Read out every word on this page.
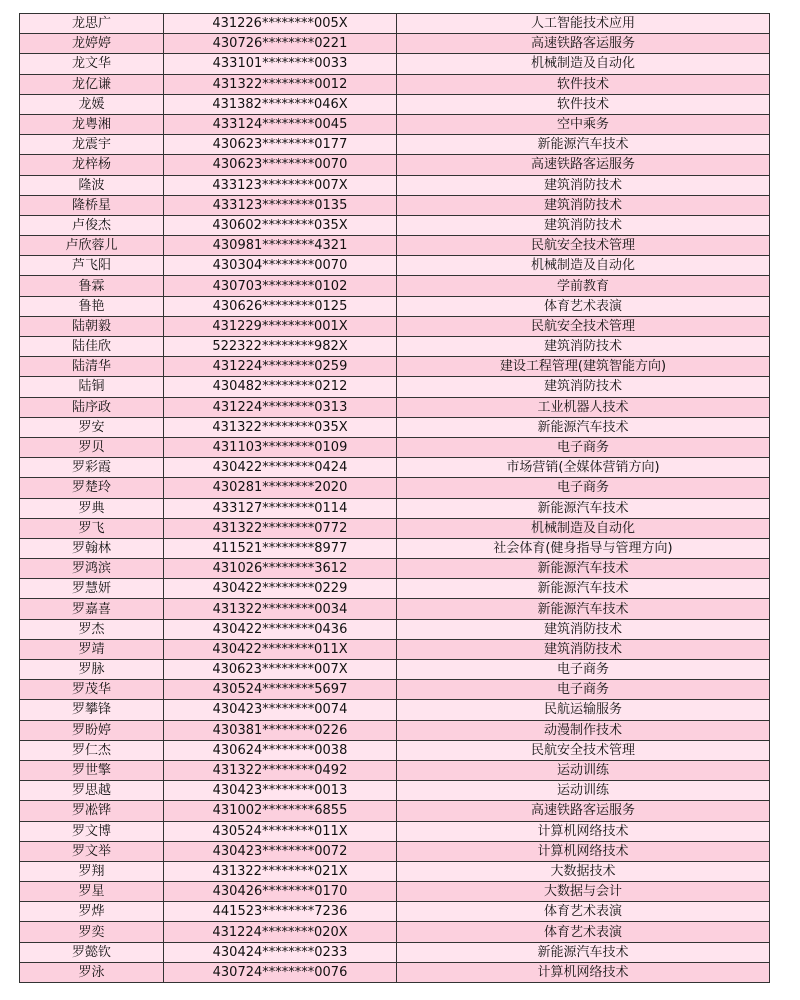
龙思广	431226********005X	人工智能技术应用
龙婷婷	430726********0221	高速铁路客运服务
龙文华	433101********0033	机械制造及自动化
龙亿谦	431322********0012	软件技术
龙媛	431382********046X	软件技术
龙粤湘	433124********0045	空中乘务
龙震宇	430623********0177	新能源汽车技术
龙梓杨	430623********0070	高速铁路客运服务
隆波	433123********007X	建筑消防技术
隆桥星	433123********0135	建筑消防技术
卢俊杰	430602********035X	建筑消防技术
卢欣蓉儿	430981********4321	民航安全技术管理
芦飞阳	430304********0070	机械制造及自动化
鲁霖	430703********0102	学前教育
鲁艳	430626********0125	体育艺术表演
陆朝毅	431229********001X	民航安全技术管理
陆佳欣	522322********982X	建筑消防技术
陆清华	431224********0259	建设工程管理(建筑智能方向)
陆铜	430482********0212	建筑消防技术
陆序政	431224********0313	工业机器人技术
罗安	431322********035X	新能源汽车技术
罗贝	431103********0109	电子商务
罗彩霞	430422********0424	市场营销(全媒体营销方向)
罗楚玲	430281********2020	电子商务
罗典	433127********0114	新能源汽车技术
罗飞	431322********0772	机械制造及自动化
罗翰林	411521********8977	社会体育(健身指导与管理方向)
罗鸿滨	431026********3612	新能源汽车技术
罗慧妍	430422********0229	新能源汽车技术
罗嘉喜	431322********0034	新能源汽车技术
罗杰	430422********0436	建筑消防技术
罗靖	430422********011X	建筑消防技术
罗脉	430623********007X	电子商务
罗茂华	430524********5697	电子商务
罗攀锋	430423********0074	民航运输服务
罗盼婷	430381********0226	动漫制作技术
罗仁杰	430624********0038	民航安全技术管理
罗世擎	431322********0492	运动训练
罗思越	430423********0013	运动训练
罗凇铧	431002********6855	高速铁路客运服务
罗文博	430524********011X	计算机网络技术
罗文举	430423********0072	计算机网络技术
罗翔	431322********021X	大数据技术
罗星	430426********0170	大数据与会计
罗烨	441523********7236	体育艺术表演
罗奕	431224********020X	体育艺术表演
罗懿钦	430424********0233	新能源汽车技术
罗泳	430724********0076	计算机网络技术
